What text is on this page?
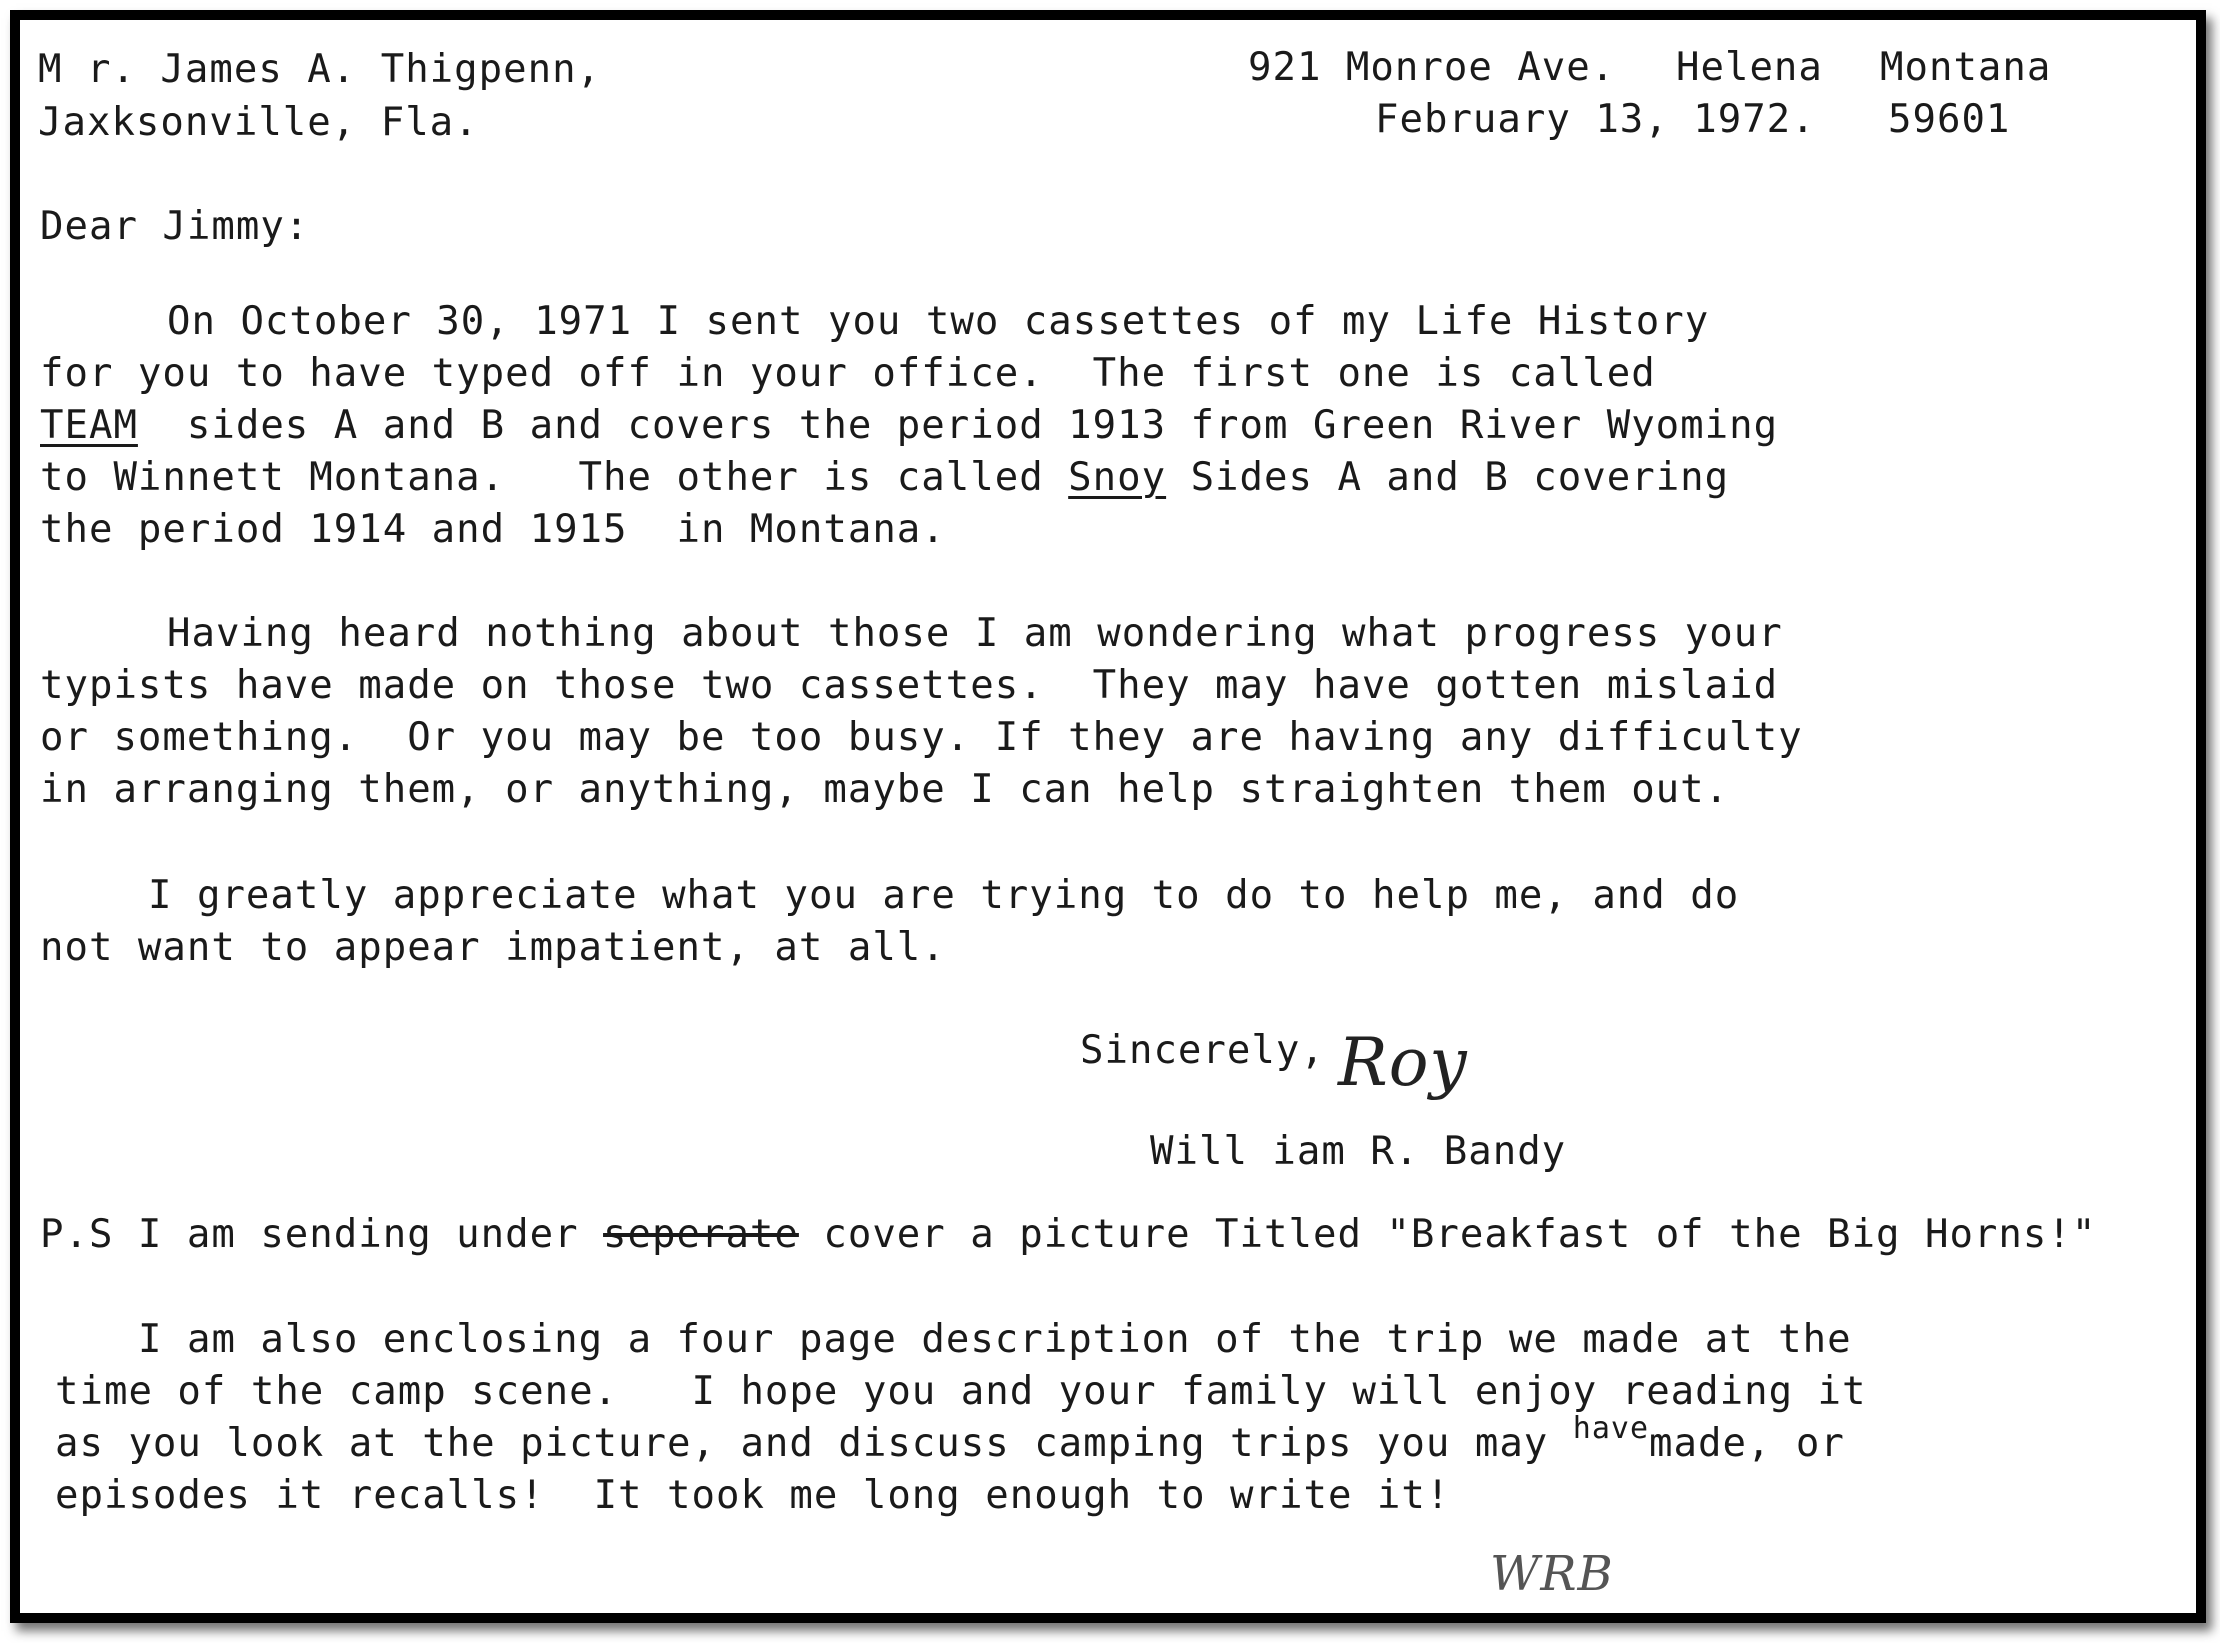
M r. James A. Thigpenn,
Jaxksonville, Fla.
921 Monroe Ave. Helena Montana
February 13, 1972. 59601
Dear Jimmy:
On October 30, 1971 I sent you two cassettes of my Life History
for you to have typed off in your office.  The first one is called
TEAM  sides A and B and covers the period 1913 from Green River Wyoming
to Winnett Montana.   The other is called Snoy Sides A and B covering
the period 1914 and 1915  in Montana.
Having heard nothing about those I am wondering what progress your
typists have made on those two cassettes.  They may have gotten mislaid
or something.  Or you may be too busy. If they are having any difficulty
in arranging them, or anything, maybe I can help straighten them out.
I greatly appreciate what you are trying to do to help me, and do
not want to appear impatient, at all.
Sincerely, Roy
Will iam R. Bandy
P.S I am sending under seperate cover a picture Titled "Breakfast of the Big Horns!"
I am also enclosing a four page description of the trip we made at the
time of the camp scene.   I hope you and your family will enjoy reading it
as you look at the picture, and discuss camping trips you may $^{have}$made, or
episodes it recalls!  It took me long enough to write it!
WRB
